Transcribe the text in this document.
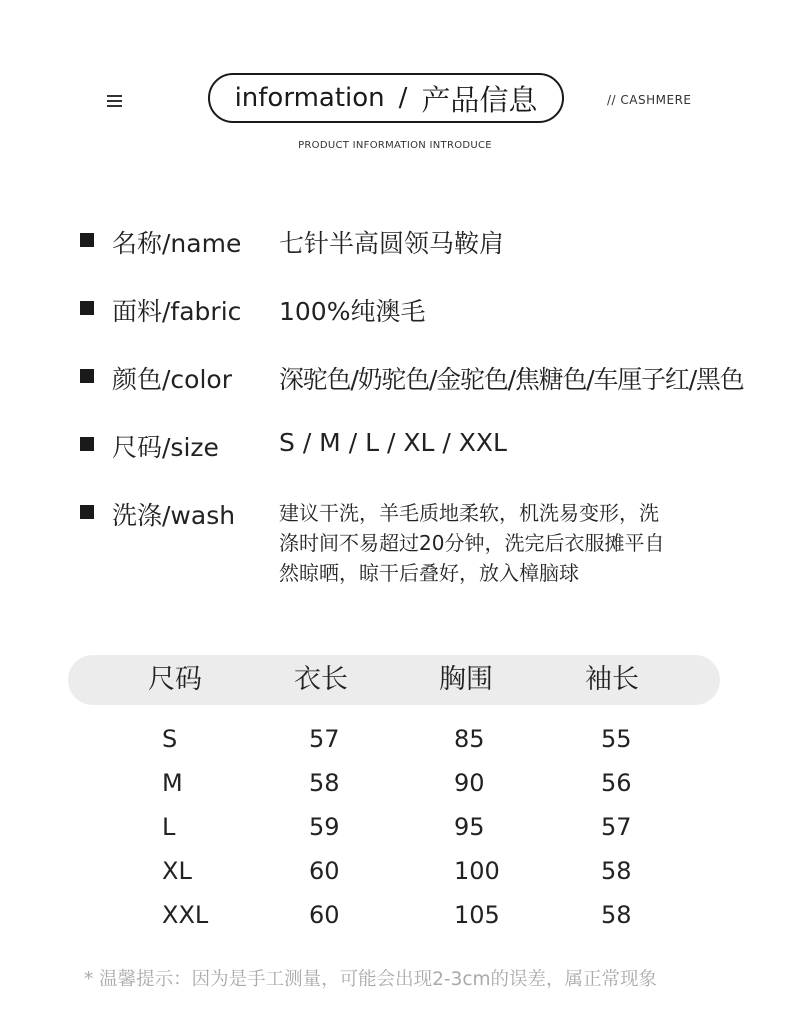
information / 产品信息	// CASHMERE
PRODUCT INFORMATION INTRODUCE
名称/name 七针半高圆领马鞍肩
面料/fabric 100%纯澳毛
颜色/color 深驼色/奶驼色/金驼色/焦糖色/车厘子红/黑色
尺码/size S / M / L / XL / XXL
洗涤/wash 建议干洗，羊毛质地柔软，机洗易变形，洗
涤时间不易超过20分钟，洗完后衣服摊平自
然晾晒，晾干后叠好，放入樟脑球
尺码	衣长	胸围	袖长
S	57	85	55
M	58	90	56
L	59	95	57
XL	60	100	58
XXL	60	105	58
* 温馨提示：因为是手工测量，可能会出现2-3cm的误差，属正常现象
